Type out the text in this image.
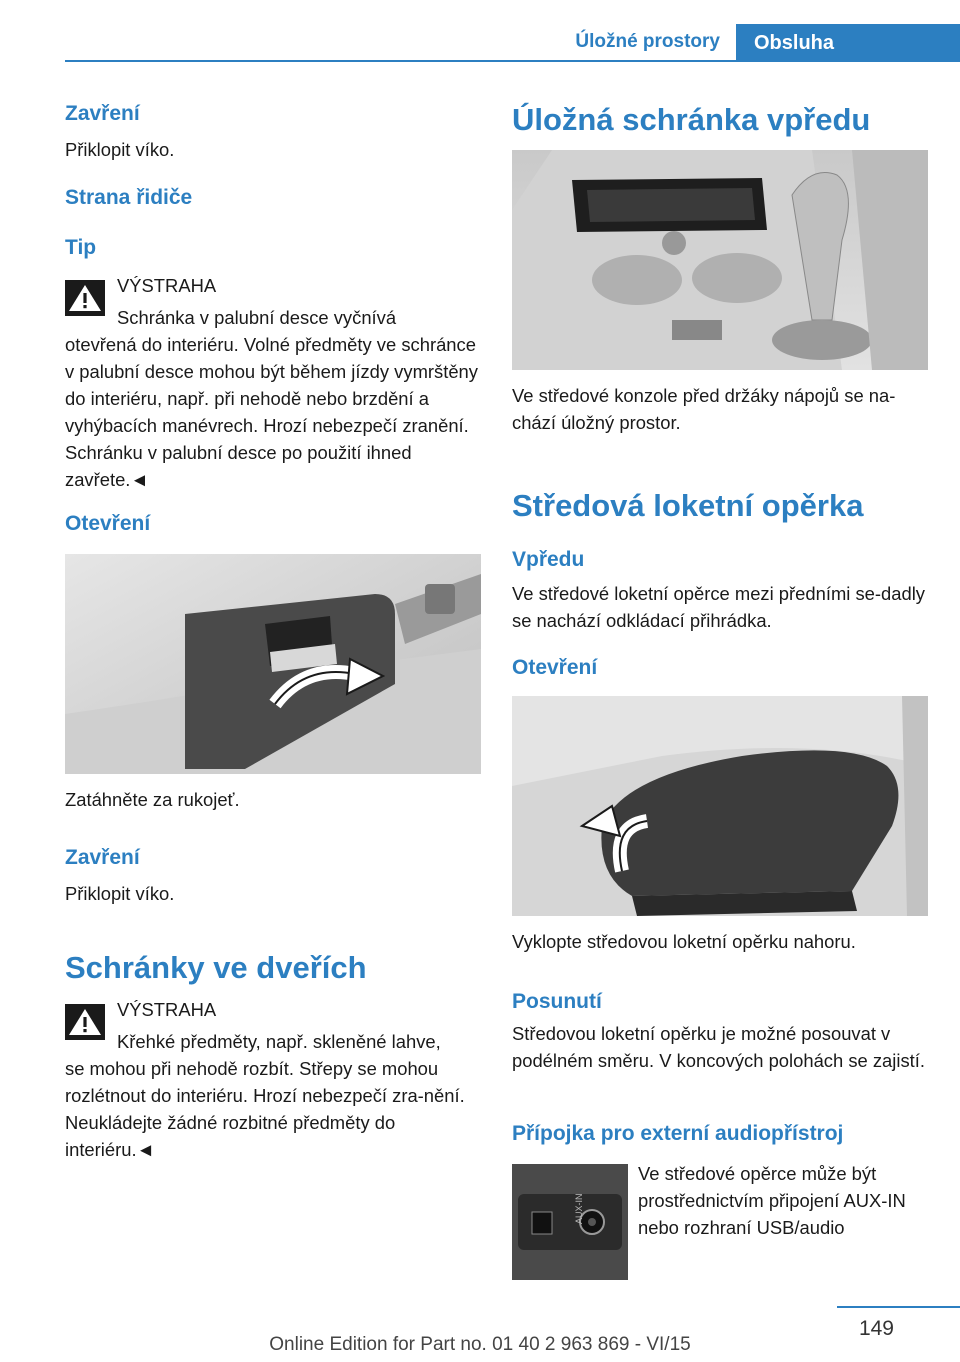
Úložné prostory	Obsluha
Zavření

Přiklopit víko.

Strana řidiče
Tip
VÝSTRAHA
Schránka v palubní desce vyčnívá

otevřená do interiéru. Volné předměty ve schránce v palubní desce mohou být během jízdy vymrštěny do interiéru, např. při nehodě nebo brzdění a vyhýbacích manévrech. Hrozí nebezpečí zranění. Schránku v palubní desce po použití ihned zavřete.◄

Otevření

Zatáhněte za rukojeť.

Zavření

Přiklopit víko.

Schránky ve dveřích
VÝSTRAHA
Křehké předměty, např. skleněné lahve,

se mohou při nehodě rozbít. Střepy se mohou rozlétnout do interiéru. Hrozí nebezpečí zra-nění. Neukládejte žádné rozbitné předměty do interiéru.◄

Úložná schránka vpředu

Ve středové konzole před držáky nápojů se na-chází úložný prostor.

Středová loketní opěrka
Vpředu

Ve středové loketní opěrce mezi předními se-dadly se nachází odkládací přihrádka.

Otevření

Vyklopte středovou loketní opěrku nahoru.

Posunutí

Středovou loketní opěrku je možné posouvat v podélném směru. V koncových polohách se zajistí.

Přípojka pro externí audiopřístroj
AUX-IN

Ve středové opěrce může být prostřednictvím připojení AUX-IN nebo rozhraní USB/audio

149
Online Edition for Part no. 01 40 2 963 869 - VI/15
